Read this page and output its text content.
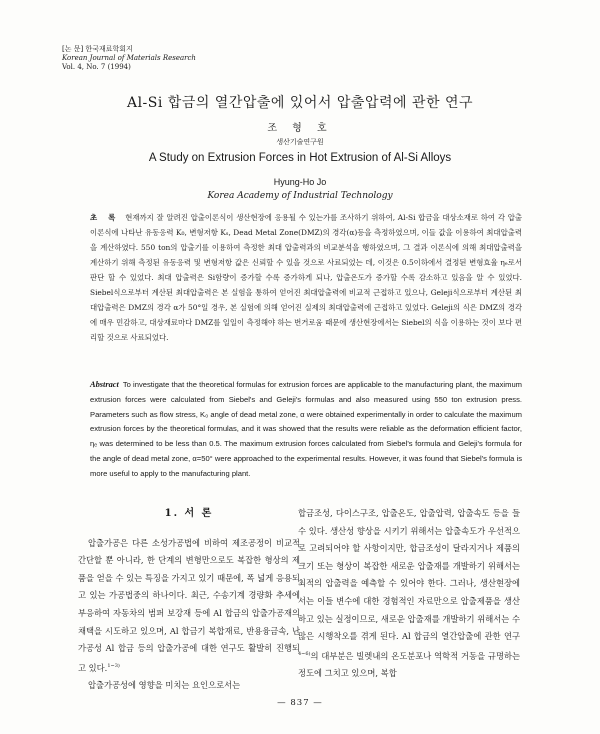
[논 문] 한국재료학회지
Korean Journal of Materials Research
Vol. 4, No. 7 (1994)
Al-Si 합금의 열간압출에 있어서 압출압력에 관한 연구
조 형 호
생산기술연구원
A Study on Extrusion Forces in Hot Extrusion of Al-Si Alloys
Hyung-Ho Jo
Korea Academy of Industrial Technology
초 록 현재까지 잘 알려진 압출이론식이 생산현장에 응용될 수 있는가를 조사하기 위하여, Al-Si 합금을 대상소재로 하여 각 압출이론식에 나타난 유동응력 K₀, 변형저항 Kₛ, Dead Metal Zone(DMZ)의 경각(α)등을 측정하였으며, 이들 값을 이용하여 최대압출력을 계산하였다. 550 ton의 압출기를 이용하여 측정한 최대 압출력과의 비교분석을 행하였으며, 그 결과 이론식에 의해 최대압출력을 계산하기 위해 측정된 유동응력 및 변형저항 값은 신뢰할 수 있을 것으로 사료되었는 데, 이것은 0.5이하에서 결정된 변형효율 ηₑ로서 판단 할 수 있었다. 최대 압출력은 Si함량이 증가할 수록 증가하게 되나, 압출온도가 증가할 수록 감소하고 있음을 알 수 있었다. Siebel식으로부터 계산된 최대압출력은 본 실험을 통하여 얻어진 최대압출력에 비교적 근접하고 있으나, Geleji식으로부터 계산된 최대압출력은 DMZ의 경각 α가 50°일 경우, 본 실험에 의해 얻어진 실제의 최대압출력에 근접하고 있었다. Geleji의 식은 DMZ의 경각에 매우 민감하고, 대상재료마다 DMZ를 일일이 측정해야 하는 번거로움 때문에 생산현장에서는 Siebel의 식을 이용하는 것이 보다 편리할 것으로 사료되었다.
Abstract To investigate that the theoretical formulas for extrusion forces are applicable to the manufacturing plant, the maximum extrusion forces were calculated from Siebel's and Geleji's formulas and also measured using 550 ton extrusion press. Parameters such as flow stress, K₀ angle of dead metal zone, α were obtained experimentally in order to calculate the maximum extrusion forces by the theoretical formulas, and it was showed that the results were reliable as the deformation efficient factor, ηₑ was determined to be less than 0.5. The maximum extrusion forces calculated from Siebel's formula and Geleji's formula for the angle of dead metal zone, α=50° were approached to the experimental results. However, it was found that Siebel's formula is more useful to apply to the manufacturing plant.
1. 서 론

압출가공은 다른 소성가공법에 비하여 제조공정이 비교적 간단할 뿐 아니라, 한 단계의 변형만으로도 복잡한 형상의 제품을 얻을 수 있는 특징을 가지고 있기 때문에, 폭 넓게 응용되고 있는 가공법중의 하나이다. 최근, 수송기계 경량화 추세에 부응하여 자동차의 범퍼 보강재 등에 Al 합금의 압출가공재의 채택을 시도하고 있으며, Al 합금기 복합재료, 반용융금속, 난가공성 Al 합금 등의 압출가공에 대한 연구도 활발히 진행되고 있다.$^{1\sim 3)}$

압출가공성에 영향을 미치는 요인으로서는

합금조성, 다이스구조, 압출온도, 압출압력, 압출속도 등을 들 수 있다. 생산성 향상을 시키기 위해서는 압출속도가 우선적으로 고려되어야 할 사항이지만, 합금조성이 달라지거나 제품의 크기 또는 형상이 복잡한 새로운 압출재를 개발하기 위해서는 최적의 압출력을 예측할 수 있어야 한다. 그러나, 생산현장에서는 이들 변수에 대한 경험적인 자료만으로 압출제품을 생산하고 있는 실정이므로, 새로운 압출재를 개발하기 위해서는 수많은 시행착오를 겪게 된다. Al 합금의 열간압출에 관한 연구$^{4\sim 6)}$의 대부분은 빌렛내의 온도분포나 역학적 거동을 규명하는 정도에 그치고 있으며, 복합

— 837 —
